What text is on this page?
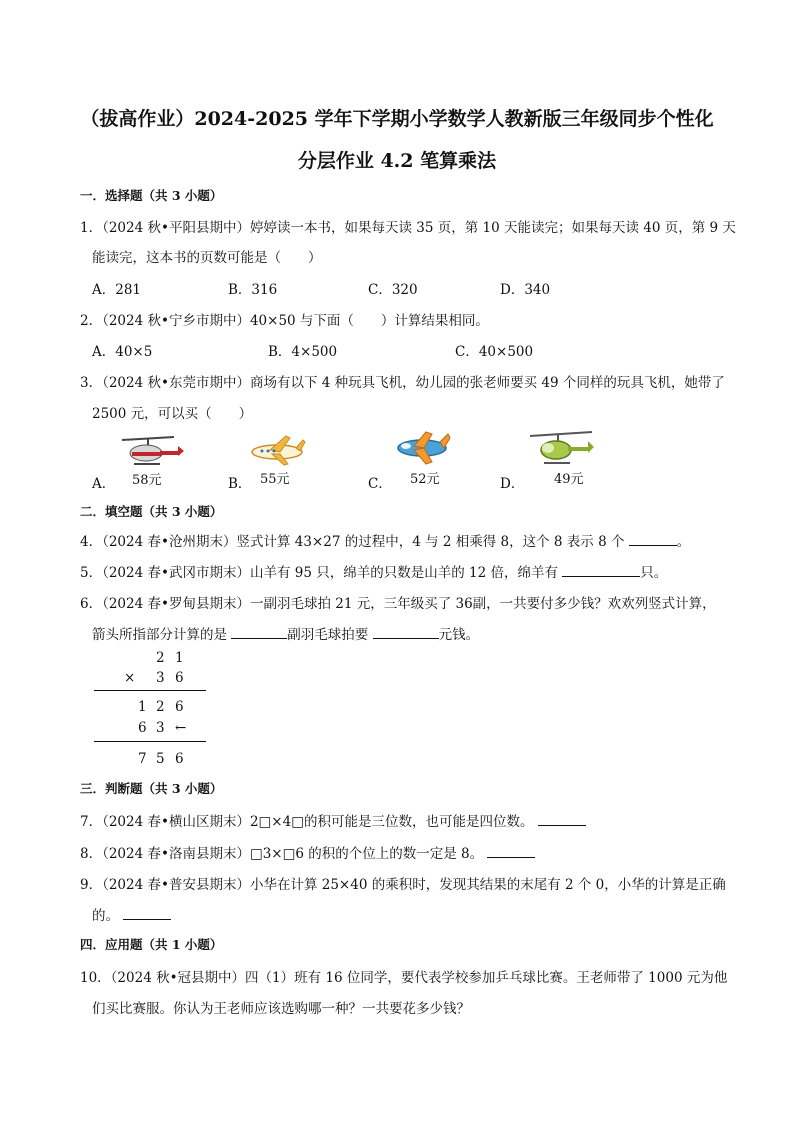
（拔高作业）2024-2025 学年下学期小学数学人教新版三年级同步个性化
分层作业 4.2 笔算乘法
一．选择题（共 3 小题）
1．（2024 秋•平阳县期中）婷婷读一本书，如果每天读 35 页，第 10 天能读完；如果每天读 40 页，第 9 天
能读完，这本书的页数可能是（　　）
A．281	B．316	C．320	D．340
2．（2024 秋•宁乡市期中）40×50 与下面（　　）计算结果相同。
A．40×5	B．4×500	C．40×500
3．（2024 秋•东莞市期中）商场有以下 4 种玩具飞机，幼儿园的张老师要买 49 个同样的玩具飞机，她带了
2500 元，可以买（　　）
A．	B．	C．	D．
58元	55元	52元	49元
二．填空题（共 3 小题）
4．（2024 春•沧州期末）竖式计算 43×27 的过程中，4 与 2 相乘得 8，这个 8 表示 8 个	。
5．（2024 春•武冈市期末）山羊有 95 只，绵羊的只数是山羊的 12 倍，绵羊有	只。
6．（2024 春•罗甸县期末）一副羽毛球拍 21 元，三年级买了 36副，一共要付多少钱？欢欢列竖式计算，
箭头所指部分计算的是	副羽毛球拍要	元钱。
2 1
× 3 6
1 2 6
6 3 ←
7 5 6
三．判断题（共 3 小题）
7．（2024 春•横山区期末）2□×4□的积可能是三位数，也可能是四位数。
8．（2024 春•洛南县期末）□3×□6 的积的个位上的数一定是 8。
9．（2024 春•普安县期末）小华在计算 25×40 的乘积时，发现其结果的末尾有 2 个 0，小华的计算是正确
的。
四．应用题（共 1 小题）
10．（2024 秋•冠县期中）四（1）班有 16 位同学，要代表学校参加乒乓球比赛。王老师带了 1000 元为他
们买比赛服。你认为王老师应该选购哪一种？一共要花多少钱？
